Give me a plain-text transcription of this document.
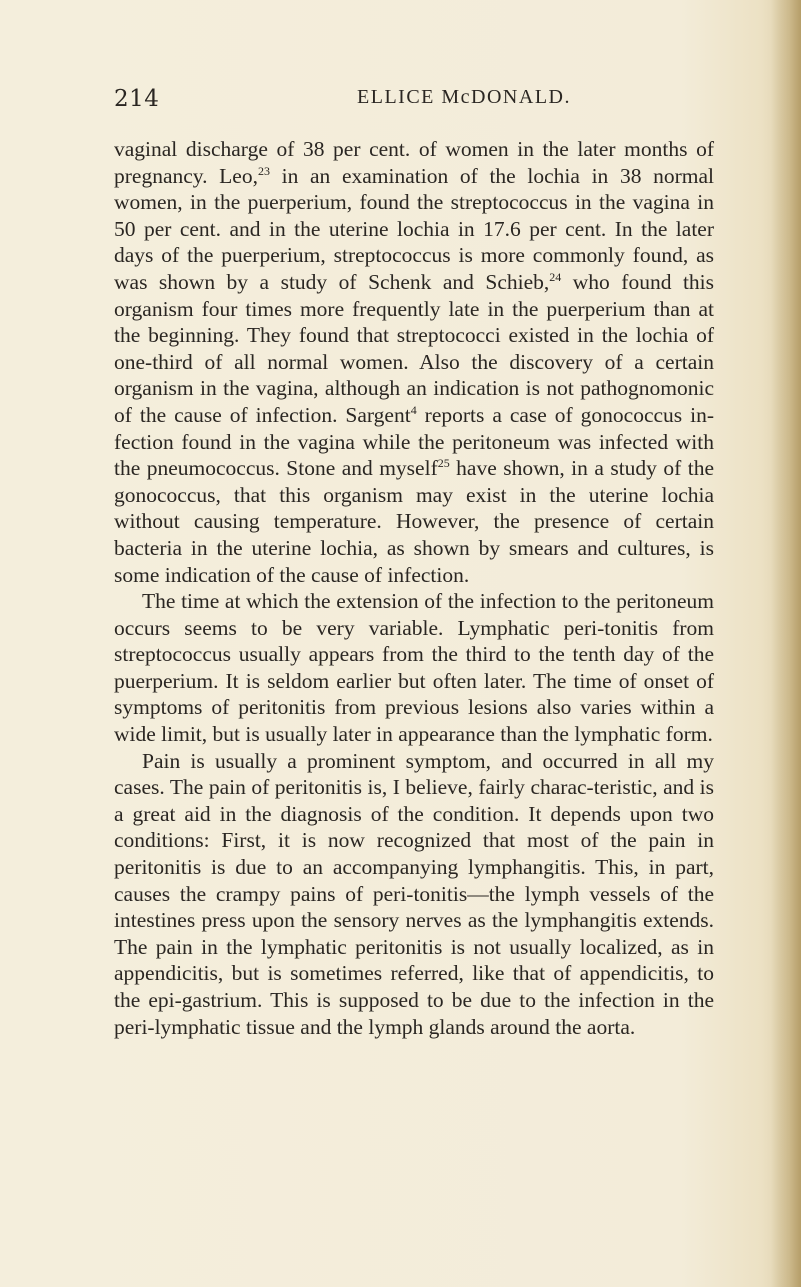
214	ELLICE McDONALD.

vaginal discharge of 38 per cent. of women in the later months of pregnancy. Leo,$^{23}$ in an examination of the lochia in 38 normal women, in the puerperium, found the streptococcus in the vagina in 50 per cent. and in the uterine lochia in 17.6 per cent. In the later days of the puerperium, streptococcus is more commonly found, as was shown by a study of Schenk and Schieb,$^{24}$ who found this organism four times more frequently late in the puerperium than at the beginning. They found that streptococci existed in the lochia of one-third of all normal women. Also the discovery of a certain organism in the vagina, although an indication is not pathognomonic of the cause of infection. Sargent$^4$ reports a case of gonococcus in-fection found in the vagina while the peritoneum was infected with the pneumococcus. Stone and myself$^{25}$ have shown, in a study of the gonococcus, that this organism may exist in the uterine lochia without causing temperature. However, the presence of certain bacteria in the uterine lochia, as shown by smears and cultures, is some indication of the cause of infection.

The time at which the extension of the infection to the peritoneum occurs seems to be very variable. Lymphatic peri-tonitis from streptococcus usually appears from the third to the tenth day of the puerperium. It is seldom earlier but often later. The time of onset of symptoms of peritonitis from previous lesions also varies within a wide limit, but is usually later in appearance than the lymphatic form.

Pain is usually a prominent symptom, and occurred in all my cases. The pain of peritonitis is, I believe, fairly charac-teristic, and is a great aid in the diagnosis of the condition. It depends upon two conditions: First, it is now recognized that most of the pain in peritonitis is due to an accompanying lymphangitis. This, in part, causes the crampy pains of peri-tonitis—the lymph vessels of the intestines press upon the sensory nerves as the lymphangitis extends. The pain in the lymphatic peritonitis is not usually localized, as in appendicitis, but is sometimes referred, like that of appendicitis, to the epi-gastrium. This is supposed to be due to the infection in the peri-lymphatic tissue and the lymph glands around the aorta.
